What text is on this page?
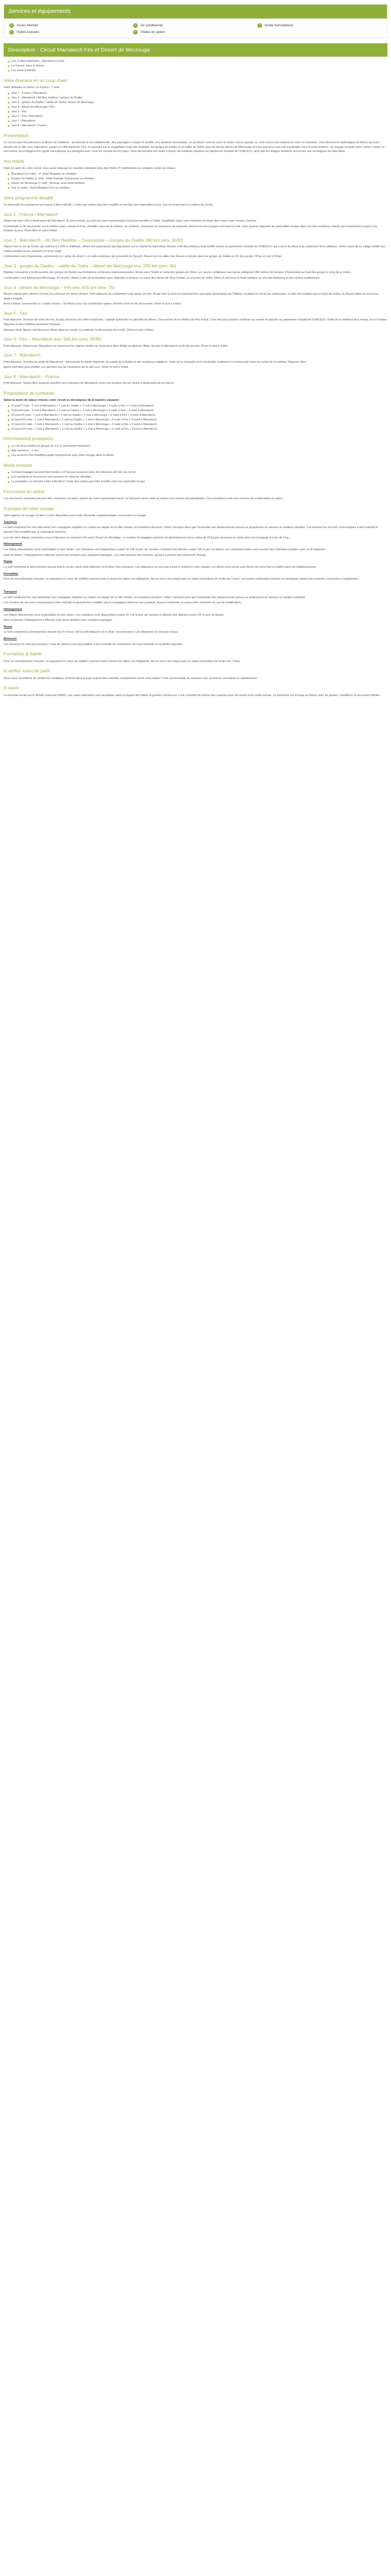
Services et équipements
✓	Accès Internet	✓	Air conditionné	✓	Guide francophone
✓	Visites incluses	✓	Visites en option
Description - Circuit Marrakech Fès et Désert de Merzouga
Les 3 villes impériales : Marrakech et Fès
Le Ksours, dans le désert
Les oasis d'altitude
Votre itinéraire en un coup d'oeil

Votre itinéraire au Maroc en 8 jours / 7 nuits

Jour 1 : France / Marrakech
Jour 2 : Marrakech / Aït Ben Haddou / gorges du Dadès
Jour 3 : gorges du Dadès / vallée de Todra / désert de Merzouga
Jour 4 : désert de Merzouga / Fès
Jour 5 : Fès
Jour 6 : Fès / Marrakech
Jour 7 : Marrakech
Jour 8 : Marrakech / France
Présentation

Ce circuit vous fera découvrir le Maroc de l'intérieur : au-delà de la vie traditionnelle, des paysages à couper le souffle, des kasbahs ancestrales, ou du désert comme vous ne l'aviez encore jamais vu, vous vivrez une expérience riche en émotions. Une découverte authentique du Maroc qui vous mènera de la ville ocre, Marrakech, jusqu'à la ville impériale, Fès, en passant par la magnifique route des kasbahs, les gorges du Dadès et la vallée de Todra, puis les dunes dorées de Merzouga où vous passerez une nuit inoubliable sous la tente berbère. Un voyage complet entre culture, nature et rencontres, accompagné d'un guide francophone qui partagera avec vous les secrets de son pays. Vous découvrirez les souks colorés, les médinas classées au patrimoine mondial de l'UNESCO, ainsi que les villages berbères accrochés aux montagnes du Haut Atlas.

Vos hôtels

Dans le cadre de votre circuit, vous serez hébergé en chambre standard dans des hôtels 3* traditionnels ou similaires selon les étapes :

Marrakech (2 nuits) : 3* Hotel Mogador ou similaire
Gorges du Dadès (1 nuit) : Hôtel Kasbah Tizzarouine ou similaire
Désert de Merzouga (1 nuit) : Bivouac sous tente berbère
Fès (2 nuits) : Hotel Mogador Fès ou similaire
Votre programme détaillé

Ce descriptif du programme est donné à titre indicatif. L'ordre des visites peut être modifié en fonction des impératifs locaux, tout en respectant le contenu du circuit.

Jour 1 : France / Marrakech

Départ de votre ville à destination de Marrakech. À votre arrivée, accueil par notre représentant local puis transfert à l'hôtel. Installation dans votre chambre et temps libre selon votre horaire d'arrivée.

Promenade en fin de journée sur la célèbre place Jemaa El Fna, véritable cœur de la médina, où conteurs, musiciens et charmeurs de serpents animent les lieux jusque tard dans la nuit. Vous pourrez déguster les spécialités locales dans l'un des nombreux stands qui envahissent la place à la tombée du jour. Dîner libre et nuit à l'hôtel.

Jour 2 : Marrakech – Aït Ben Haddou – Ouarzazate – Gorges du Dadès 360 km (env. 5h30)

Départ vers le col du Tichka qui culmine à 2 260 m d'altitude, offrant des panoramas spectaculaires sur la chaîne du Haut Atlas. Arrivée à Aït Ben Haddou, ksar fortifié classé au patrimoine mondial de l'UNESCO, qui a servi de décor à de nombreux films célèbres. Visite à pied de ce village fortifié aux ruelles étroites et aux maisons en terre rouge.

Continuation vers Ouarzazate, surnommée la « porte du désert » et visite extérieure de la kasbah de Taourirt. Route vers la vallée des Roses et arrivée dans les gorges du Dadès en fin de journée. Dîner et nuit à l'hôtel.

Jour 3 : gorges du Dadès – vallée de Todra – désert de Merzouga env. 280 km (env. 4h)

Matinée consacrée à la découverte des gorges du Dadès aux formations rocheuses impressionnantes. Route vers Tinghir et visite des gorges du Todra, un canyon vertigineux aux parois atteignant 300 mètres de hauteur. Promenade au fond des gorges le long de la rivière.

Continuation vers Erfoud puis Merzouga. À l'arrivée, départ à dos de dromadaire pour rejoindre le bivouac au cœur des dunes de l'Erg Chebbi, au coucher du soleil. Dîner et nuit sous la tente berbère au son des tambours et des chants traditionnels.

Jour 4 : désert de Merzouga – Fès env. 470 km (env. 7h)

Réveil matinal pour admirer le lever du soleil sur les dunes dorées. Petit-déjeuner au campement puis retour en 4x4. Route vers le nord en traversant les paysages désertiques du Tafilalet, la vallée du Ziz et ses palmeraies, la ville d'Errachidia puis la forêt de cèdres du Moyen Atlas où vivent les singes magots.

Arrêt à Ifrane, surnommée la « petite Suisse » du Maroc pour son architecture alpine. Arrivée à Fès en fin de journée. Dîner et nuit à l'hôtel.

Jour 5 : Fès

Petit-déjeuner. Journée de visite de Fès, la plus ancienne des villes impériales, capitale spirituelle et culturelle du Maroc. Découverte de la médina de Fès el-Bali, l'une des plus grandes médinas au monde et classée au patrimoine mondial de l'UNESCO. Visite de la médersa Bou Inania, de la fontaine Nejjarine et des célèbres tanneries Chouara.

Déjeuner libre. Après-midi libre pour flâner dans les souks ou continuer la découverte de la ville. Dîner et nuit à l'hôtel.

Jour 6 : Fès – Marrakech env. 540 km (env. 5h30)

Petit-déjeuner. Départ pour Marrakech en traversant les plaines fertiles du Saïss puis Béni Mellal au pied de l'Atlas. Arrivée à Marrakech en fin de journée. Dîner et nuit à l'hôtel.

Jour 7 : Marrakech

Petit-déjeuner. Journée de visite de Marrakech : découverte du jardin Majorelle, du palais de la Bahia et des tombeaux saâdiens. Visite de la mosquée de la Koutoubia (extérieur) et promenade dans les souks de la médina. Déjeuner libre.

Après-midi libre pour profiter une dernière fois de l'ambiance de la ville ocre. Dîner et nuit à l'hôtel.

Jour 8 : Marrakech – France

Petit-déjeuner. Temps libre jusqu'au transfert vers l'aéroport de Marrakech selon vos horaires de vol. Envol à destination de la France.

Propositions de combinés

Selon la durée de séjour choisie, votre circuit se décompose de la manière suivante :

8 jours/7 nuits : 1 nuit à Marrakech + 1 nuit au Dadès + 1 nuit à Merzouga + 2 nuits à Fès + 2 nuits à Marrakech
9 jours/8 nuits : 1 nuit à Marrakech + 1 nuit au Dadès + 1 nuit à Merzouga + 2 nuits à Fès + 3 nuits à Marrakech
10 jours/9 nuits : 1 nuit à Marrakech + 1 nuit au Dadès + 1 nuit à Merzouga + 2 nuits à Fès + 4 nuits à Marrakech
11 jours/10 nuits : 1 nuit à Marrakech + 1 nuit au Dadès + 1 nuit à Merzouga + 2 nuits à Fès + 5 nuits à Marrakech
12 jours/11 nuits : 1 nuit à Marrakech + 1 nuit au Dadès + 1 nuit à Merzouga + 2 nuits à Fès + 6 nuits à Marrakech
15 jours/14 nuits : 1 nuit à Marrakech + 1 nuit au Dadès + 1 nuit à Merzouga + 2 nuits à Fès + 9 nuits à Marrakech
Information(s) pratique(s)
Le circuit se réalise en groupe de 2 à 17 personnes maximum
Age minimum : 2 ans
Les services d'un chauffeur-guide francophone pour votre voyage dans le désert
Mode d'emploi
Certains bagages peuvent être limités à 15 kg par personne dans les véhicules 4x4 lors du circuit
Les transferts et excursions sont assurés en véhicule climatisé
La prestation est donnée à titre indicatif et l'ordre des visites peut être modifié selon les impératifs locaux
Excursions en option

Les excursions suivantes peuvent être réservées sur place auprès de notre représentant local. Le tarif peut varier selon la saison et le nombre de participants. Ces prestations sont sous réserve de confirmation sur place.

A propos de votre voyage

Votre agence de voyage se tient à votre disposition pour toute demande complémentaire concernant ce voyage :

Transport

Le tarif comprend les vols aller/retour sur compagnie régulière ou charter au départ de la ville choisie, les transferts aéroport / hôtel / aéroport ainsi que l'ensemble des déplacements prévus au programme en autocar ou minibus climatisé. Les horaires de vol sont communiqués à titre indicatif et peuvent être modifiés par la compagnie aérienne.

Lors de votre départ, présentez-vous à l'aéroport au minimum 2h avant l'heure de décollage. Le nombre de bagages autorisé est généralement d'une valise de 20 kg par personne en soute ainsi qu'un bagage à main de 5 kg.

Hébergement

Les hôtels sélectionnés sont confortables et bien situés. Les chambres sont disponibles à partir de 14h le jour de l'arrivée et doivent être libérées avant 12h le jour du départ. Les chambres triples sont souvent des chambres doubles avec un lit d'appoint.

Dans le désert, l'hébergement s'effectue sous tente berbère avec sanitaires partagés. Les nuits peuvent être fraîches, pensez à prévoir des vêtements chauds.

Repas

Le tarif comprend la demi-pension durant tout le circuit, soit le petit-déjeuner et le dîner, hors boissons. Les déjeuners ne sont pas inclus et restent à votre charge. Les dîners sont servis sous forme de menu fixe ou buffet selon les établissements.

Formalités

Pour les ressortissants français, un passeport en cours de validité couvrant toute la durée du séjour est obligatoire. Aucun visa n'est requis pour un séjour touristique de moins de 3 mois. Les autres nationalités doivent se renseigner auprès des autorités consulaires compétentes.

Transport

Le tarif comprend les vols aller/retour sur compagnie régulière ou charter au départ de la ville choisie, les transferts aéroport / hôtel / aéroport ainsi que l'ensemble des déplacements prévus au programme en autocar ou minibus climatisé.

Les horaires de vol sont communiqués à titre indicatif et peuvent être modifiés par la compagnie aérienne sans préavis. Aucune indemnité ne pourra être réclamée en cas de modification.

Hébergement

Les hôtels sélectionnés sont confortables et bien situés. Les chambres sont disponibles à partir de 14h le jour de l'arrivée et doivent être libérées avant 12h le jour du départ.

Dans le désert, l'hébergement s'effectue sous tente berbère avec sanitaires partagés.

Repas

Le tarif comprend la demi-pension durant tout le circuit, soit le petit-déjeuner et le dîner, hors boissons. Les déjeuners ne sont pas inclus.

Boissons

Les boissons ne sont pas incluses. L'eau du robinet n'est pas potable, il est conseillé de consommer de l'eau minérale en bouteille capsulée.

Formalités & Santé

Pour les ressortissants français, un passeport en cours de validité couvrant toute la durée du séjour est obligatoire. Aucun visa n'est requis pour un séjour touristique de moins de 3 mois.

A vérifier avant de partir

Nous vous conseillons de vérifier les conditions d'entrée dans le pays auprès des autorités compétentes avant votre départ. Il est recommandé de souscrire une assurance annulation et rapatriement.

A savoir

La monnaie locale est le dirham marocain (MAD). Les cartes bancaires sont acceptées dans la plupart des hôtels et grands commerces. Il est conseillé de prévoir des espèces pour les souks et les petits achats. Le pourboire est d'usage au Maroc pour les guides, chauffeurs et personnel hôtelier.
